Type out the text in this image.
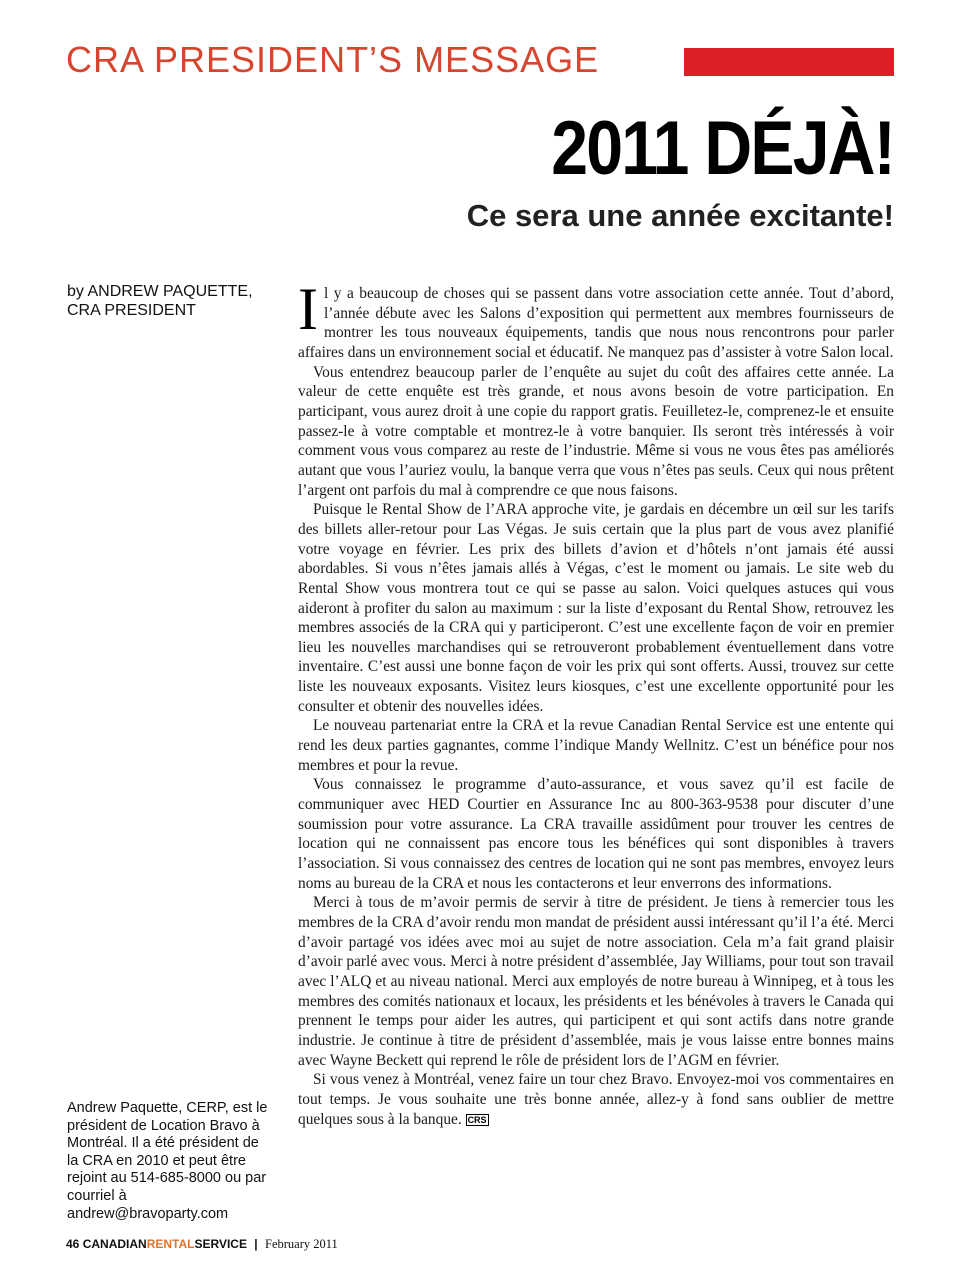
CRA PRESIDENT’S MESSAGE
2011 DÉJÀ!
Ce sera une année excitante!
by ANDREW PAQUETTE,
CRA PRESIDENT	Il y a beaucoup de choses qui se passent dans votre association cette année. Tout d’abord, l’année débute avec les Salons d’exposition qui permettent aux membres fournisseurs de montrer les tous nouveaux équipements, tandis que nous nous rencontrons pour parler affaires dans un environnement social et éducatif. Ne manquez pas d’assister à votre Salon local.

Vous entendrez beaucoup parler de l’enquête au sujet du coût des affaires cette année. La valeur de cette enquête est très grande, et nous avons besoin de votre participation. En participant, vous aurez droit à une copie du rapport gratis. Feuilletez-le, comprenez-le et ensuite passez-le à votre comptable et montrez-le à votre banquier. Ils seront très intéressés à voir comment vous vous comparez au reste de l’industrie. Même si vous ne vous êtes pas améliorés autant que vous l’auriez voulu, la banque verra que vous n’êtes pas seuls. Ceux qui nous prêtent l’argent ont parfois du mal à comprendre ce que nous faisons.

Puisque le Rental Show de l’ARA approche vite, je gardais en décembre un œil sur les tarifs des billets aller-retour pour Las Végas. Je suis certain que la plus part de vous avez planifié votre voyage en février. Les prix des billets d’avion et d’hôtels n’ont jamais été aussi abordables. Si vous n’êtes jamais allés à Végas, c’est le moment ou jamais. Le site web du Rental Show vous montrera tout ce qui se passe au salon. Voici quelques astuces qui vous aideront à profiter du salon au maximum : sur la liste d’exposant du Rental Show, retrouvez les membres associés de la CRA qui y participeront. C’est une excellente façon de voir en premier lieu les nouvelles marchandises qui se retrouveront probablement éventuellement dans votre inventaire. C’est aussi une bonne façon de voir les prix qui sont offerts. Aussi, trouvez sur cette liste les nouveaux exposants. Visitez leurs kiosques, c’est une excellente opportunité pour les consulter et obtenir des nouvelles idées.

Le nouveau partenariat entre la CRA et la revue Canadian Rental Service est une entente qui rend les deux parties gagnantes, comme l’indique Mandy Wellnitz. C’est un bénéfice pour nos membres et pour la revue.

Vous connaissez le programme d’auto-assurance, et vous savez qu’il est facile de communiquer avec HED Courtier en Assurance Inc au 800-363-9538 pour discuter d’une soumission pour votre assurance. La CRA travaille assidûment pour trouver les centres de location qui ne connaissent pas encore tous les bénéfices qui sont disponibles à travers l’association. Si vous connaissez des centres de location qui ne sont pas membres, envoyez leurs noms au bureau de la CRA et nous les contacterons et leur enverrons des informations.

Merci à tous de m’avoir permis de servir à titre de président. Je tiens à remercier tous les membres de la CRA d’avoir rendu mon mandat de président aussi intéressant qu’il l’a été. Merci d’avoir partagé vos idées avec moi au sujet de notre association. Cela m’a fait grand plaisir d’avoir parlé avec vous. Merci à notre président d’assemblée, Jay Williams, pour tout son travail avec l’ALQ et au niveau national. Merci aux employés de notre bureau à Winnipeg, et à tous les membres des comités nationaux et locaux, les présidents et les bénévoles à travers le Canada qui prennent le temps pour aider les autres, qui participent et qui sont actifs dans notre grande industrie. Je continue à titre de président d’assemblée, mais je vous laisse entre bonnes mains avec Wayne Beckett qui reprend le rôle de président lors de l’AGM en février.

Si vous venez à Montréal, venez faire un tour chez Bravo. Envoyez-moi vos commentaires en tout temps. Je vous souhaite une très bonne année, allez-y à fond sans oublier de mettre quelques sous à la banque. CRS

Andrew Paquette, CERP, est le président de Location Bravo à Montréal. Il a été président de la CRA en 2010 et peut être rejoint au 514-685-8000 ou par courriel à andrew@bravoparty.com
46 CANADIANRENTALSERVICE | February 2011
